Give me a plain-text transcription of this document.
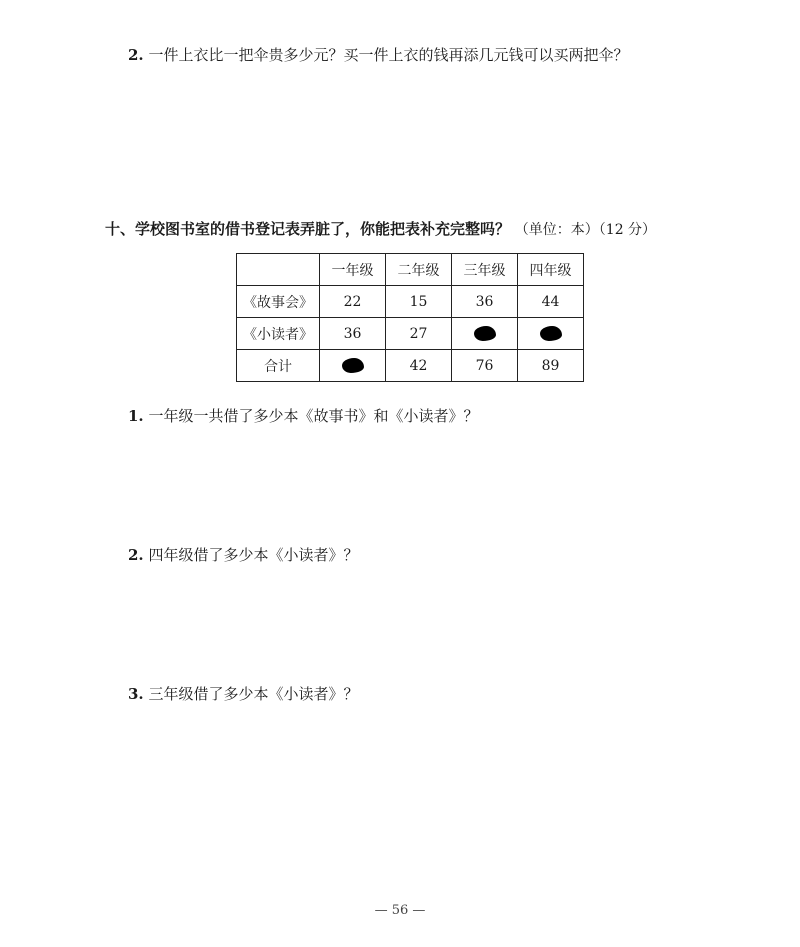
2. 一件上衣比一把伞贵多少元？买一件上衣的钱再添几元钱可以买两把伞？
十、学校图书室的借书登记表弄脏了，你能把表补充完整吗？ （单位：本）（12 分）
	一年级	二年级	三年级	四年级
《故事会》	22	15	36	44
《小读者》	36	27		
合计		42	76	89
1. 一年级一共借了多少本《故事书》和《小读者》？
2. 四年级借了多少本《小读者》？
3. 三年级借了多少本《小读者》？
— 56 —
